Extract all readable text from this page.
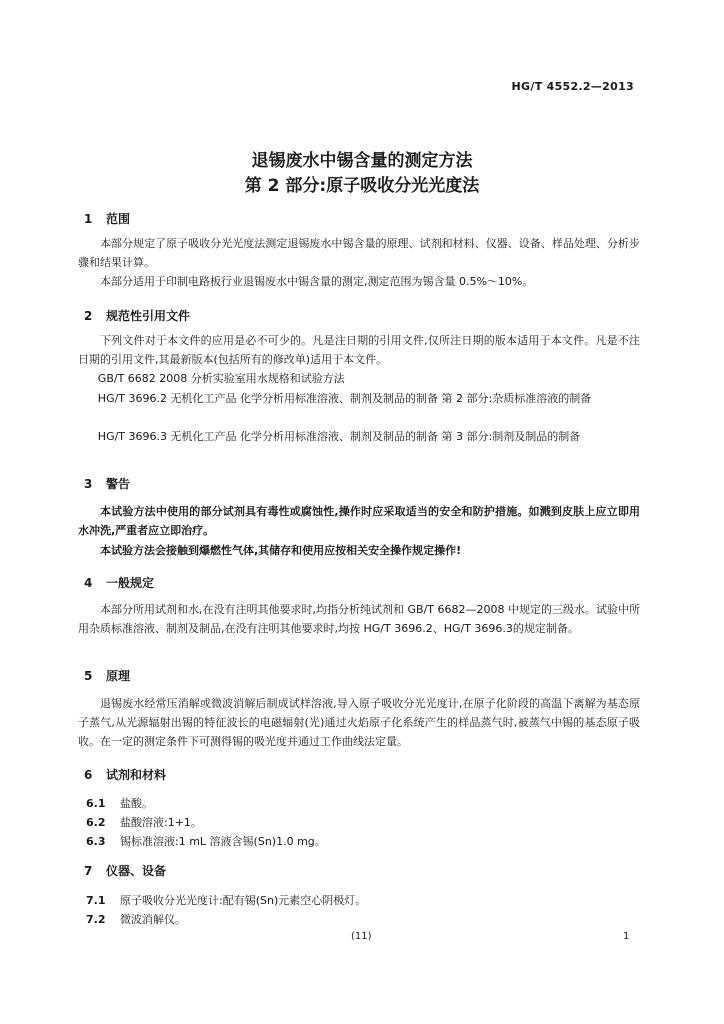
HG/T 4552.2—2013
退锡废水中锡含量的测定方法
第 2 部分:原子吸收分光光度法
1 范围
本部分规定了原子吸收分光光度法测定退锡废水中锡含量的原理、试剂和材料、仪器、设备、样品处理、分析步骤和结果计算。
本部分适用于印制电路板行业退锡废水中锡含量的测定,测定范围为锡含量 0.5%～10%。
2 规范性引用文件
下列文件对于本文件的应用是必不可少的。凡是注日期的引用文件,仅所注日期的版本适用于本文件。凡是不注日期的引用文件,其最新版本(包括所有的修改单)适用于本文件。
GB/T 6682 2008 分析实验室用水规格和试验方法
HG/T 3696.2 无机化工产品 化学分析用标准溶液、制剂及制品的制备 第 2 部分:杂质标准溶液的制备
HG/T 3696.3 无机化工产品 化学分析用标准溶液、制剂及制品的制备 第 3 部分:制剂及制品的制备
3 警告
本试验方法中使用的部分试剂具有毒性或腐蚀性,操作时应采取适当的安全和防护措施。如溅到皮肤上应立即用水冲洗,严重者应立即治疗。
本试验方法会接触到爆燃性气体,其储存和使用应按相关安全操作规定操作!
4 一般规定
本部分所用试剂和水,在没有注明其他要求时,均指分析纯试剂和 GB/T 6682—2008 中规定的三级水。试验中所用杂质标准溶液、制剂及制品,在没有注明其他要求时,均按 HG/T 3696.2、HG/T 3696.3的规定制备。
5 原理
退锡废水经常压消解或微波消解后制成试样溶液,导入原子吸收分光光度计,在原子化阶段的高温下离解为基态原子蒸气,从光源辐射出锡的特征波长的电磁辐射(光)通过火焰原子化系统产生的样品蒸气时,被蒸气中锡的基态原子吸收。在一定的测定条件下可测得锡的吸光度并通过工作曲线法定量。
6 试剂和材料
6.1 盐酸。
6.2 盐酸溶液:1+1。
6.3 锡标准溶液:1 mL 溶液含锡(Sn)1.0 mg。
7 仪器、设备
7.1 原子吸收分光光度计:配有锡(Sn)元素空心阴极灯。
7.2 微波消解仪。
(11)	1
